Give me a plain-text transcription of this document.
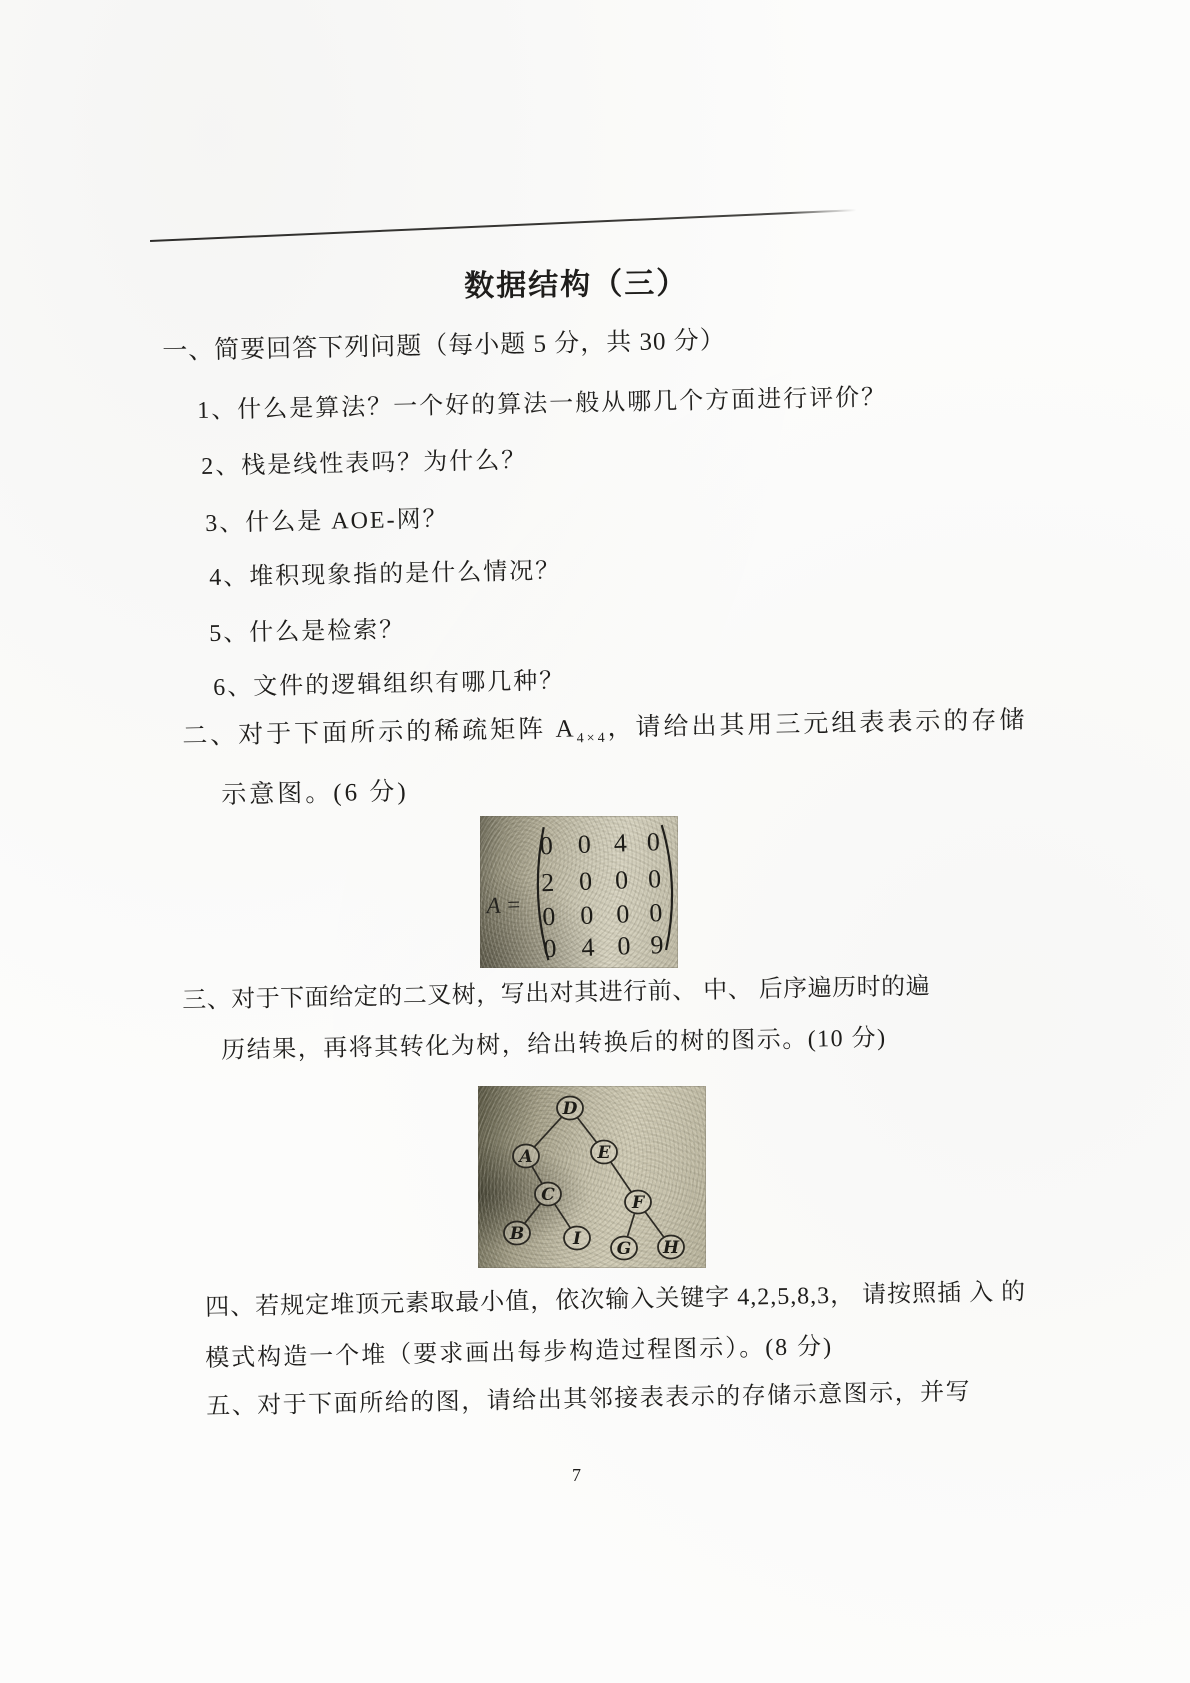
数据结构（三）
一、简要回答下列问题（每小题 5 分，共 30 分）
1、什么是算法？一个好的算法一般从哪几个方面进行评价？
2、栈是线性表吗？为什么？
3、什么是 AOE-网？
4、堆积现象指的是什么情况？
5、什么是检索？
6、文件的逻辑组织有哪几种？
二、对于下面所示的稀疏矩阵 $A_{4\times 4}$，请给出其用三元组表表示的存储
示意图。(6 分)
A =
0 0 4 0
2 0 0 0
0 0 0 0
0 4 0 9
三、对于下面给定的二叉树，写出对其进行前、 中、 后序遍历时的遍
历结果，再将其转化为树，给出转换后的树的图示。(10 分)
D
A	E
C	F
B	I G H
四、若规定堆顶元素取最小值，依次输入关键字 4,2,5,8,3， 请按照插 入 的
模式构造一个堆（要求画出每步构造过程图示）。(8 分)
五、对于下面所给的图，请给出其邻接表表示的存储示意图示，并写
7
